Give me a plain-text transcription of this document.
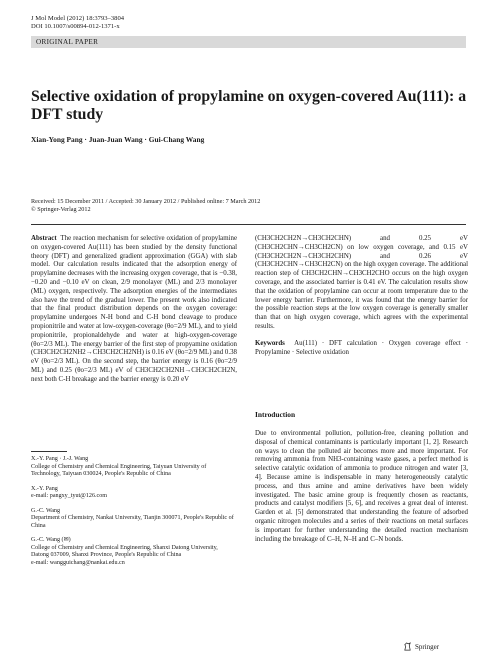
J Mol Model (2012) 18:3793–3804
DOI 10.1007/s00894-012-1371-x
ORIGINAL PAPER
Selective oxidation of propylamine on oxygen-covered Au(111): a DFT study
Xian-Yong Pang · Juan-Juan Wang · Gui-Chang Wang
Received: 15 December 2011 / Accepted: 30 January 2012 / Published online: 7 March 2012
© Springer-Verlag 2012

Abstract The reaction mechanism for selective oxidation of propylamine on oxygen-covered Au(111) has been studied by the density functional theory (DFT) and generalized gradient approximation (GGA) with slab model. Our calculation results indicated that the adsorption energy of propylamine decreases with the increasing oxygen coverage, that is −0.38, −0.20 and −0.10 eV on clean, 2/9 monolayer (ML) and 2/3 monolayer (ML) oxygen, respectively. The adsorption energies of the intermediates also have the trend of the gradual lower. The present work also indicated that the final product distribution depends on the oxygen coverage: propylamine undergoes N-H bond and C-H bond cleavage to produce propionitrile and water at low-oxygen-coverage (θo=2/9 ML), and to yield propionitrile, propionaldehyde and water at high-oxygen-coverage (θo=2/3 ML). The energy barrier of the first step of propyamine oxidation (CH3CH2CH2NH2→CH3CH2CH2NH) is 0.16 eV (θo=2/9 ML) and 0.38 eV (θo=2/3 ML). On the second step, the barrier energy is 0.16 (θo=2/9 ML) and 0.25 (θo=2/3 ML) eV of CH3CH2CH2NH→CH3CH2CH2N, next both C-H breakage and the barrier energy is 0.20 eV

(CH3CH2CH2N→CH3CH2CHN) and 0.25 eV (CH3CH2CHN→CH3CH2CN) on low oxygen coverage, and 0.15 eV (CH3CH2CH2N→CH3CH2CHN) and 0.26 eV (CH3CH2CHN→CH3CH2CN) on the high oxygen coverage. The additional reaction step of CH3CH2CHN→CH3CH2CHO occurs on the high oxygen coverage, and the associated barrier is 0.41 eV. The calculation results show that the oxidation of propylamine can occur at room temperature due to the lower energy barrier. Furthermore, it was found that the energy barrier for the possible reaction steps at the low oxygen coverage is generally smaller than that on high oxygen coverage, which agrees with the experimental results.

Keywords Au(111) · DFT calculation · Oxygen coverage effect · Propylamine · Selective oxidation

X.-Y. Pang · J.-J. Wang
College of Chemistry and Chemical Engineering, Taiyuan University of Technology, Taiyuan 030024, People's Republic of China

X.-Y. Pang
e-mail: pangxy_tyut@126.com

G.-C. Wang
Department of Chemistry, Nankai University, Tianjin 300071, People's Republic of China

G.-C. Wang (✉)
College of Chemistry and Chemical Engineering, Shanxi Datong University, Datong 037009, Shanxi Province, People's Republic of China
e-mail: wangguichang@nankai.edu.cn

Introduction

Due to environmental pollution, pollution-free, cleaning pollution and disposal of chemical contaminants is particularly important [1, 2]. Research on ways to clean the polluted air becomes more and more important. For removing ammonia from NH3-containing waste gases, a perfect method is selective catalytic oxidation of ammonia to produce nitrogen and water [3, 4]. Because amine is indispensable in many heterogeneously catalytic process, and thus amine and amine derivatives have been widely investigated. The basic amine group is frequently chosen as reactants, products and catalyst modifiers [5, 6], and receives a great deal of interest. Garden et al. [5] demonstrated that understanding the feature of adsorbed organic nitrogen molecules and a series of their reactions on metal surfaces is important for further understanding the detailed reaction mechanism including the breakage of C–H, N–H and C–N bonds.

Springer
